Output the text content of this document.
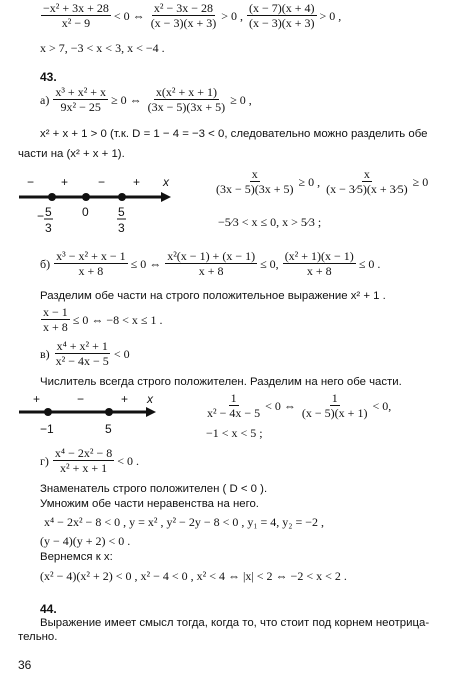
$\frac{\text{−x² + 3x + 28}}{\text{x² − 9}} < 0$ ⇔ $\frac{\text{x² − 3x − 28}}{(x - 3)(x + 3)} > 0$ , $\frac{(x - 7)(x + 4)}{(x - 3)(x + 3)} > 0$ ,
x > 7, −3 < x < 3, x < −4 .
43.
$а) \frac{\text{x³ + x² + x}}{\text{9x² − 25}} \ge 0$ ⇔ $\frac{\text{x(x² + x + 1)}}{(3x - 5)(3x + 5)} \ge 0$ ,
x² + x + 1 > 0 (т.к. D = 1 − 4 = −3 < 0, следовательно можно разделить обе
части на (x² + x + 1).
− + − + x
− 5
3
0 5
3
$\frac{x}{(3x - 5)(3x + 5)} \ge 0$ , $\frac{x}{(x - 3⁄5)(x + 3⁄5)} \ge 0$
−5⁄3 < x ≤ 0, x > 5⁄3 ;
$б) \frac{\text{x³ − x² + x − 1}}{x + 8} \le 0$ ⇔ $\frac{\text{x²(x − 1) + (x − 1)}}{x + 8} \le 0$, $\frac{\text{(x² + 1)(x − 1)}}{x + 8} \le 0$ .
Разделим обе части на строго положительное выражение x² + 1 .
$\frac{x - 1}{x + 8} \le 0$ ⇔ −8 < x ≤ 1 .
$в) \frac{\text{x⁴ + x² + 1}}{\text{x² − 4x − 5}} < 0$
Числитель всегда строго положителен. Разделим на него обе части.
+	−	+ x
−1	5
$\frac{1}{\text{x² − 4x − 5}} < 0$ ⇔ $\frac{1}{(x - 5)(x + 1)} < 0$,
−1 < x < 5 ;
$г) \frac{\text{x⁴ − 2x² − 8}}{\text{x² + x + 1}} < 0$ .
Знаменатель строго положителен ( D < 0 ).
Умножим обе части неравенства на него.
x⁴ − 2x² − 8 < 0 , y = x² , y² − 2y − 8 < 0 , y₁ = 4, y₂ = −2 ,
(y − 4)(y + 2) < 0 .
Вернемся к x:
(x² − 4)(x² + 2) < 0 , x² − 4 < 0 , x² < 4 ⇔ |x| < 2 ⇔ −2 < x < 2 .
44.
Выражение имеет смысл тогда, когда то, что стоит под корнем неотрица-
тельно.
36
